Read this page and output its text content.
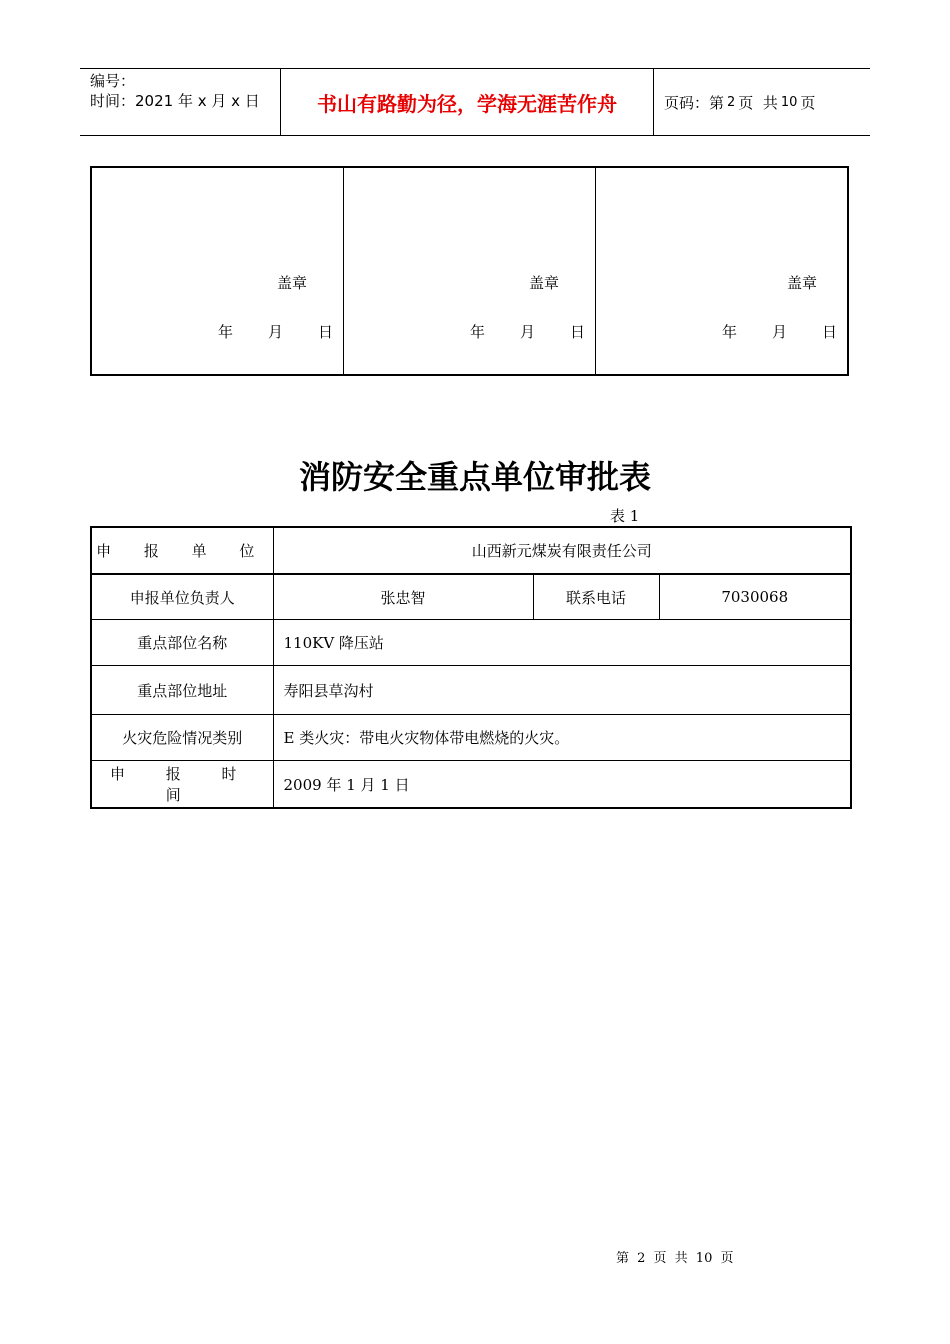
编号：
时间：2021 年 x 月 x 日	书山有路勤为径，学海无涯苦作舟	页码：第 2 页  共 10 页
盖章
年	月	日
盖章
年	月	日
盖章
年	月	日
消防安全重点单位审批表
表 1
申 报 单 位	山西新元煤炭有限责任公司		
申报单位负责人	张忠智	联系电话	7030068
重点部位名称	110KV 降压站		
重点部位地址	寿阳县草沟村		
火灾危险情况类别	E 类火灾：带电火灾物体带电燃烧的火灾。		
申 报 时 间	2009 年 1 月 1 日		
第 2 页 共 10 页
